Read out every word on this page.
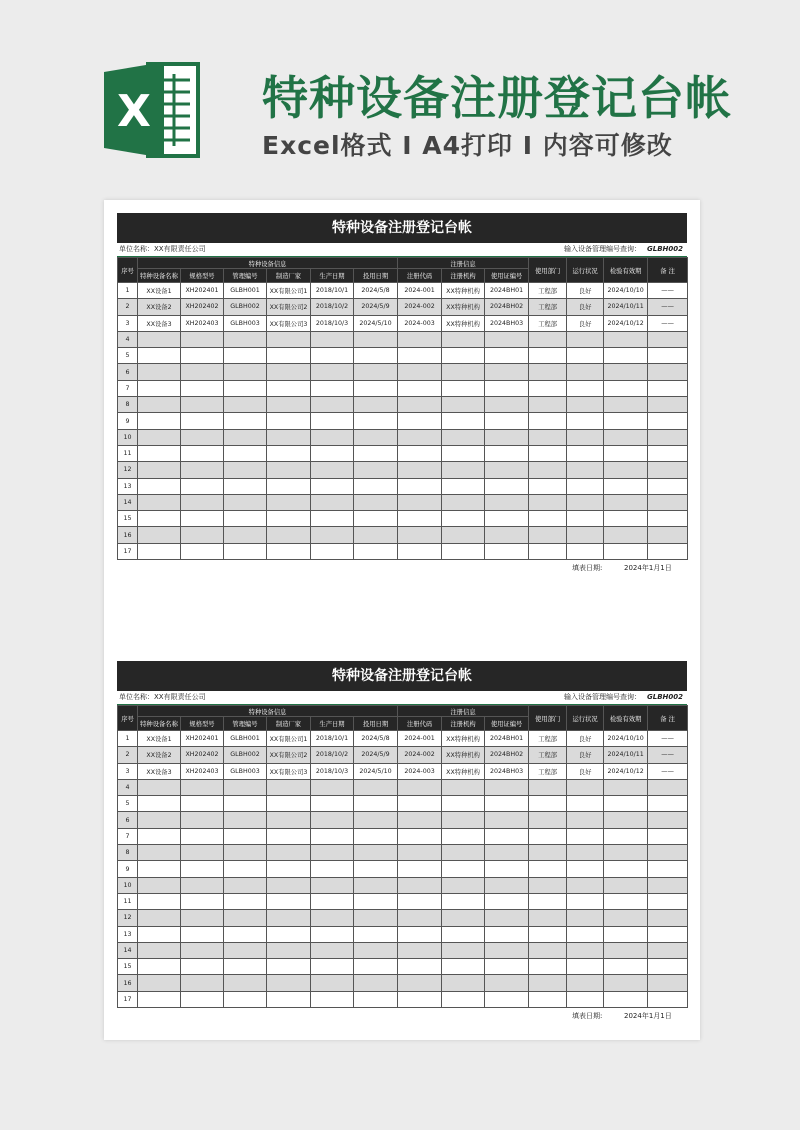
X 特种设备注册登记台帐
Excel格式 I A4打印 I 内容可修改
特种设备注册登记台帐
单位名称：XX有限责任公司	输入设备管理编号查询： GLBH002
序号	特种设备信息						注册信息			使用部门	运行状况	检验有效期	备 注
	特种设备名称	规格型号	管理编号	制造厂家	生产日期	投用日期	注册代码	注册机构	使用证编号				
1	XX设备1	XH202401	GLBH001	XX有限公司1	2018/10/1	2024/5/8	2024-001	XX特种机构	2024BH01	工程部	良好	2024/10/10	——
2	XX设备2	XH202402	GLBH002	XX有限公司2	2018/10/2	2024/5/9	2024-002	XX特种机构	2024BH02	工程部	良好	2024/10/11	——
3	XX设备3	XH202403	GLBH003	XX有限公司3	2018/10/3	2024/5/10	2024-003	XX特种机构	2024BH03	工程部	良好	2024/10/12	——
4													
5													
6													
7													
8													
9													
10													
11													
12													
13													
14													
15													
16													
17													
填表日期:	2024年1月1日
特种设备注册登记台帐
单位名称：XX有限责任公司	输入设备管理编号查询： GLBH002
序号	特种设备信息						注册信息			使用部门	运行状况	检验有效期	备 注
	特种设备名称	规格型号	管理编号	制造厂家	生产日期	投用日期	注册代码	注册机构	使用证编号				
1	XX设备1	XH202401	GLBH001	XX有限公司1	2018/10/1	2024/5/8	2024-001	XX特种机构	2024BH01	工程部	良好	2024/10/10	——
2	XX设备2	XH202402	GLBH002	XX有限公司2	2018/10/2	2024/5/9	2024-002	XX特种机构	2024BH02	工程部	良好	2024/10/11	——
3	XX设备3	XH202403	GLBH003	XX有限公司3	2018/10/3	2024/5/10	2024-003	XX特种机构	2024BH03	工程部	良好	2024/10/12	——
4													
5													
6													
7													
8													
9													
10													
11													
12													
13													
14													
15													
16													
17													
填表日期:	2024年1月1日
